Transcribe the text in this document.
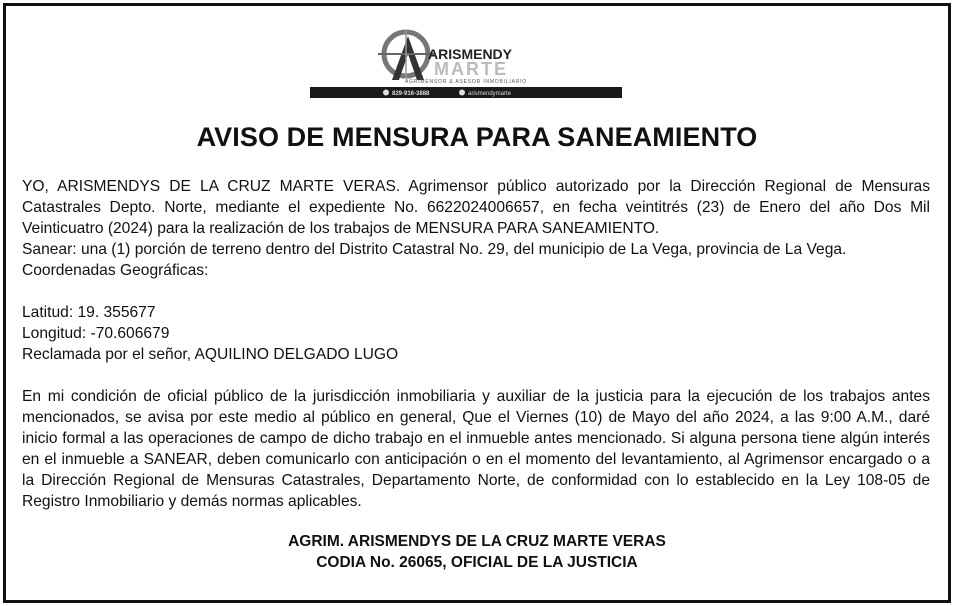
ARISMENDY
MARTE
AGRIMENSOR & ASESOR INMOBILIARIO
829-916-3888	arismendymarte
AVISO DE MENSURA PARA SANEAMIENTO

YO, ARISMENDYS DE LA CRUZ MARTE VERAS. Agrimensor público autorizado por la Dirección Regional de Mensuras Catastrales Depto. Norte, mediante el expediente No. 6622024006657, en fecha veintitrés (23) de Enero del año Dos Mil Veinticuatro (2024) para la realización de los trabajos de MENSURA PARA SANEAMIENTO.

Sanear: una (1) porción de terreno dentro del Distrito Catastral No. 29, del municipio de La Vega, provincia de La Vega.

Coordenadas Geográficas:

Latitud: 19. 355677

Longitud: -70.606679

Reclamada por el señor, AQUILINO DELGADO LUGO

En mi condición de oficial público de la jurisdicción inmobiliaria y auxiliar de la justicia para la ejecución de los trabajos antes mencionados, se avisa por este medio al público en general, Que el Viernes (10) de Mayo del año 2024, a las 9:00 A.M., daré inicio formal a las operaciones de campo de dicho trabajo en el inmueble antes mencionado. Si alguna persona tiene algún interés en el inmueble a SANEAR, deben comunicarlo con anticipación o en el momento del levantamiento, al Agrimensor encargado o a la Dirección Regional de Mensuras Catastrales, Departamento Norte, de conformidad con lo establecido en la Ley 108-05 de Registro Inmobiliario y demás normas aplicables.

AGRIM. ARISMENDYS DE LA CRUZ MARTE VERAS
CODIA No. 26065, OFICIAL DE LA JUSTICIA
